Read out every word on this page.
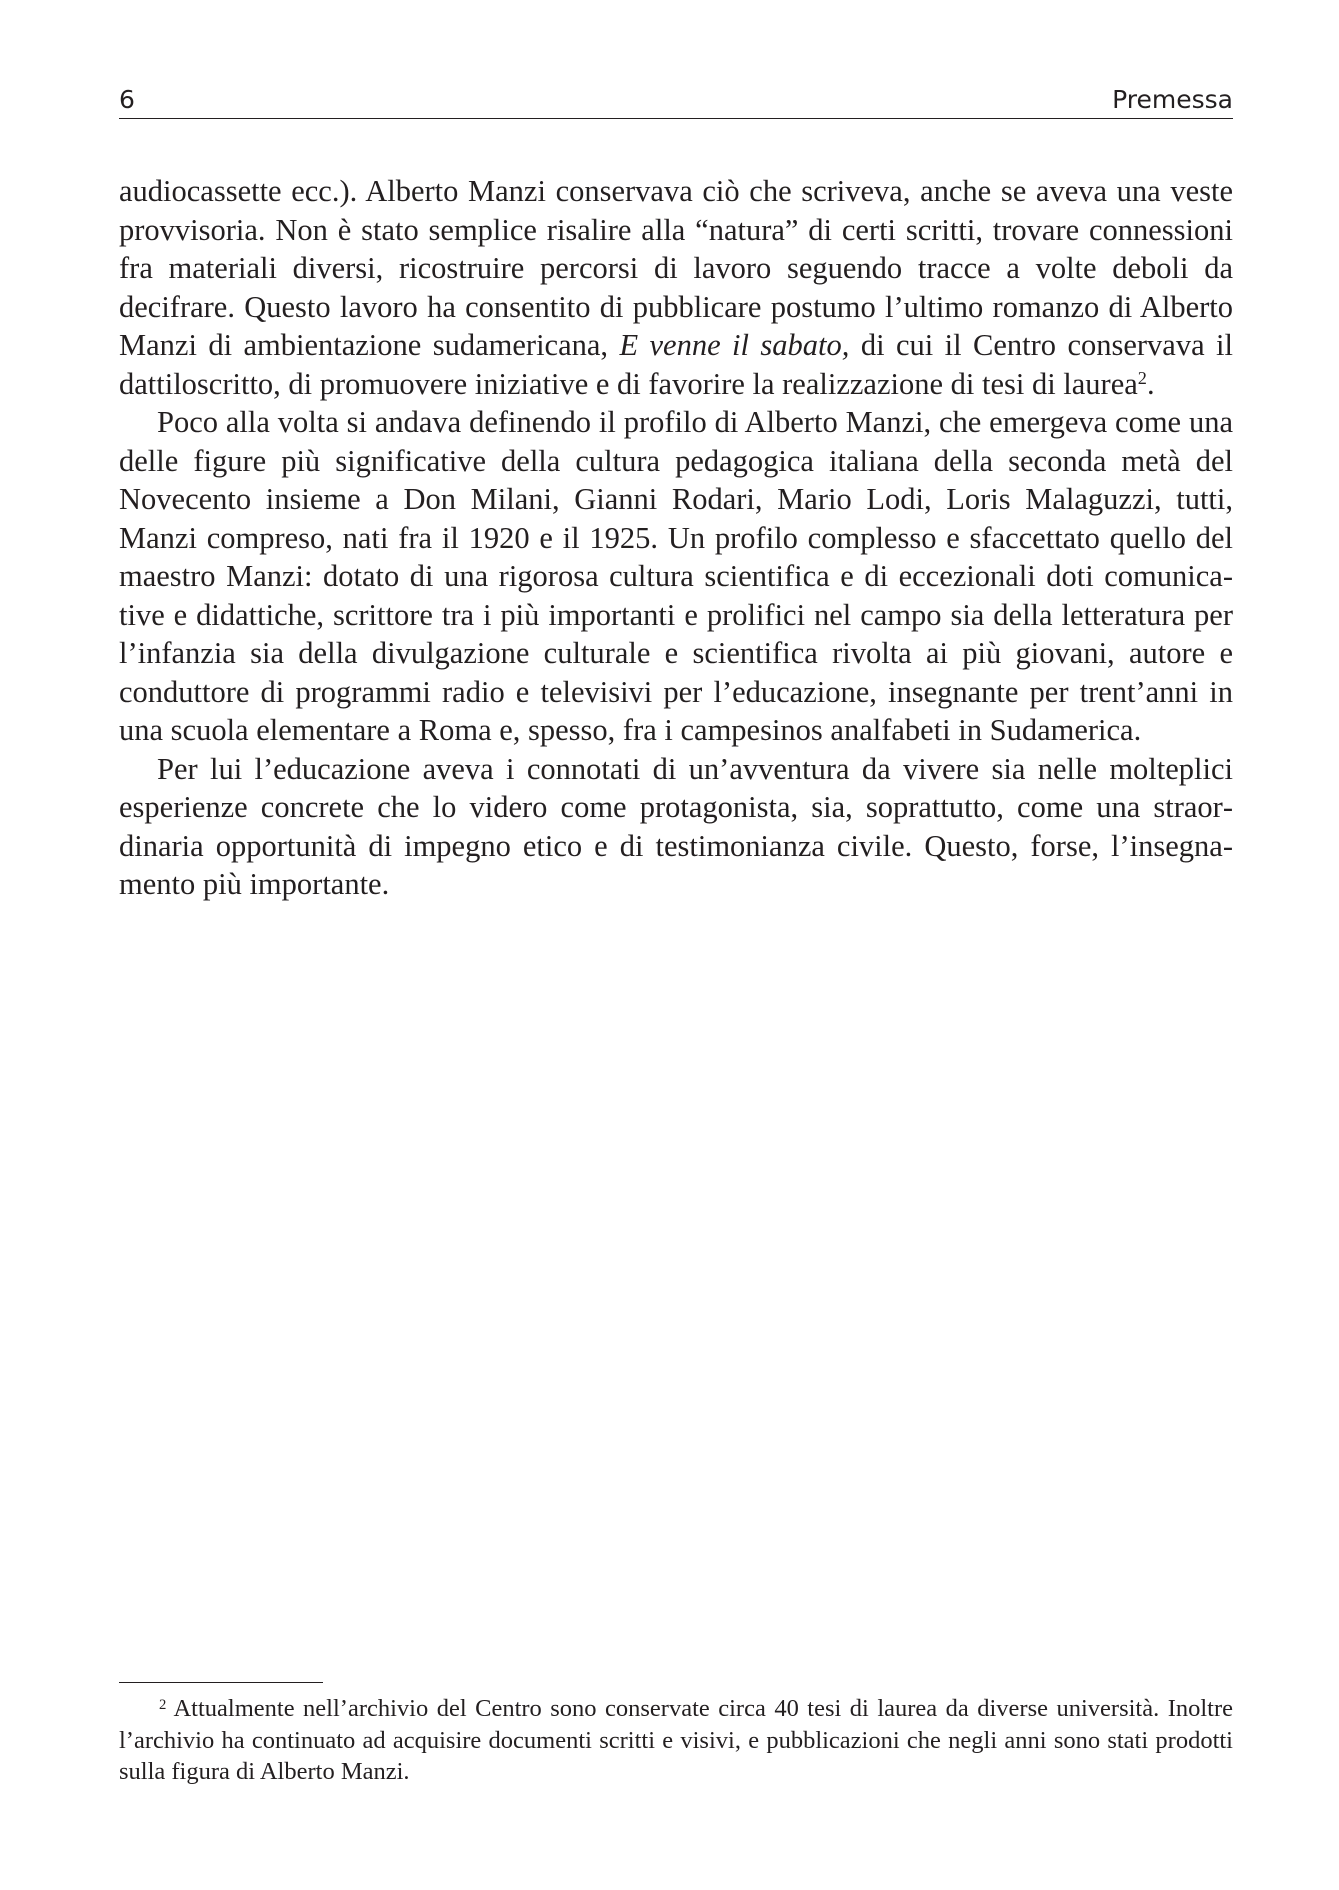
6	Premessa

audiocassette ecc.). Alberto Manzi conservava ciò che scriveva, anche se aveva una veste provvisoria. Non è stato semplice risalire alla “natura” di certi scritti, trovare connessioni fra materiali diversi, ricostruire percorsi di lavoro seguendo tracce a volte deboli da decifrare. Questo lavoro ha consentito di pubblicare postumo l’ultimo romanzo di Alberto Manzi di ambientazione sudamericana, E venne il sabato, di cui il Centro conservava il dattiloscritto, di promuovere iniziative e di favorire la realizzazione di tesi di laurea$^2$.

Poco alla volta si andava definendo il profilo di Alberto Manzi, che emergeva come una delle figure più significative della cultura pedagogica italiana della seconda metà del Novecento insieme a Don Milani, Gianni Rodari, Mario Lodi, Loris Malaguzzi, tutti, Manzi compreso, nati fra il 1920 e il 1925. Un profilo complesso e sfaccettato quello del maestro Manzi: dotato di una rigorosa cultura scientifica e di eccezionali doti comunicative e didattiche, scrittore tra i più importanti e prolifici nel campo sia della letteratura per l’infanzia sia della divulgazione culturale e scientifica rivolta ai più giovani, autore e conduttore di programmi radio e televisivi per l’educazione, insegnante per trent’anni in una scuola elementare a Roma e, spesso, fra i campesinos analfabeti in Sudamerica.

Per lui l’educazione aveva i connotati di un’avventura da vivere sia nelle molteplici esperienze concrete che lo videro come protagonista, sia, soprattutto, come una straordinaria opportunità di impegno etico e di testimonianza civile. Questo, forse, l’insegnamento più importante.

$^2$ Attualmente nell’archivio del Centro sono conservate circa 40 tesi di laurea da diverse università. Inoltre l’archivio ha continuato ad acquisire documenti scritti e visivi, e pubblicazioni che negli anni sono stati prodotti sulla figura di Alberto Manzi.
